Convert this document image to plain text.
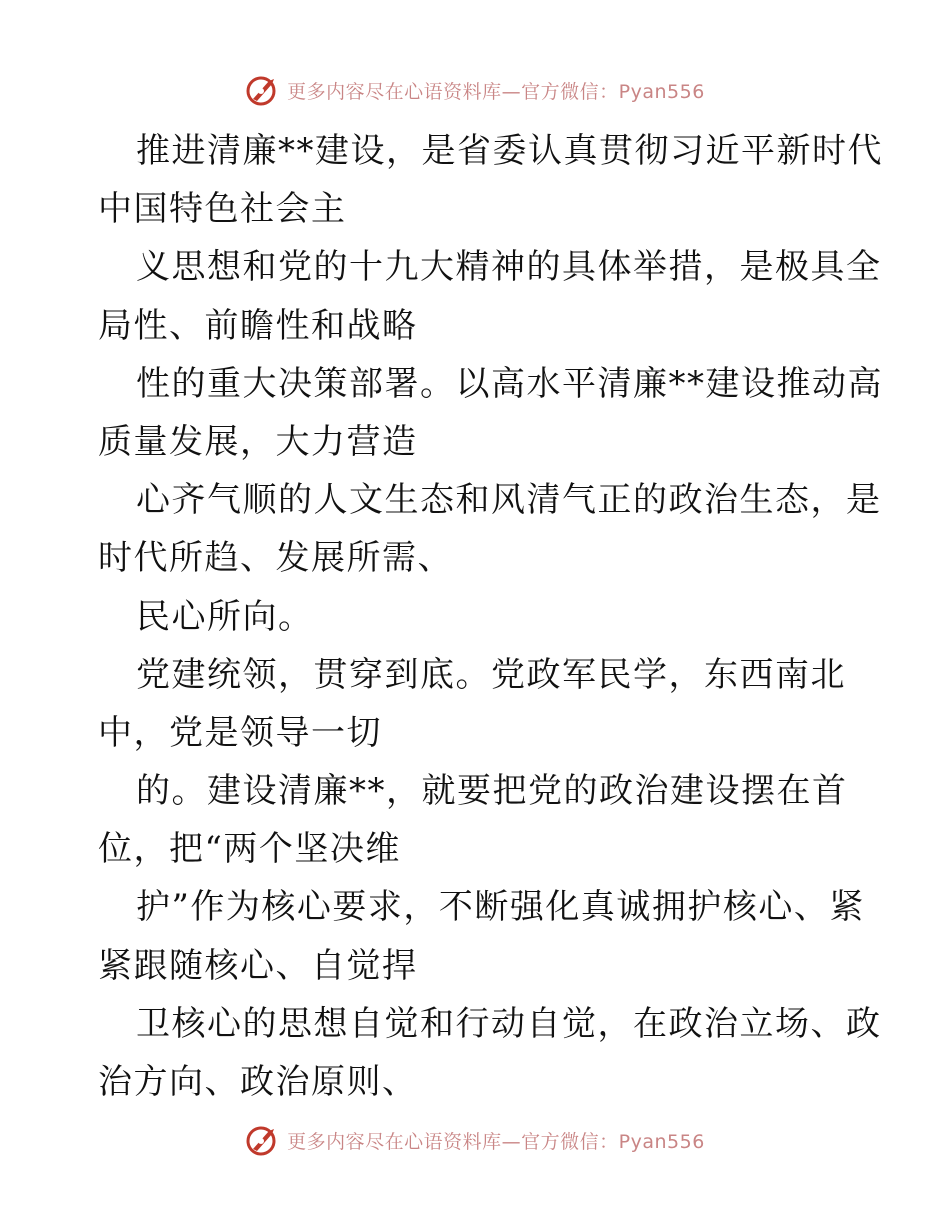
更多内容尽在心语资料库—官方微信：Pyan556
推进清廉**建设，是省委认真贯彻习近平新时代
中国特色社会主
义思想和党的十九大精神的具体举措，是极具全
局性、前瞻性和战略
性的重大决策部署。以高水平清廉**建设推动高
质量发展，大力营造
心齐气顺的人文生态和风清气正的政治生态，是
时代所趋、发展所需、
民心所向。
党建统领，贯穿到底。党政军民学，东西南北
中，党是领导一切
的。建设清廉**，就要把党的政治建设摆在首
位，把“两个坚决维
护”作为核心要求，不断强化真诚拥护核心、紧
紧跟随核心、自觉捍
卫核心的思想自觉和行动自觉，在政治立场、政
治方向、政治原则、
更多内容尽在心语资料库—官方微信：Pyan556
